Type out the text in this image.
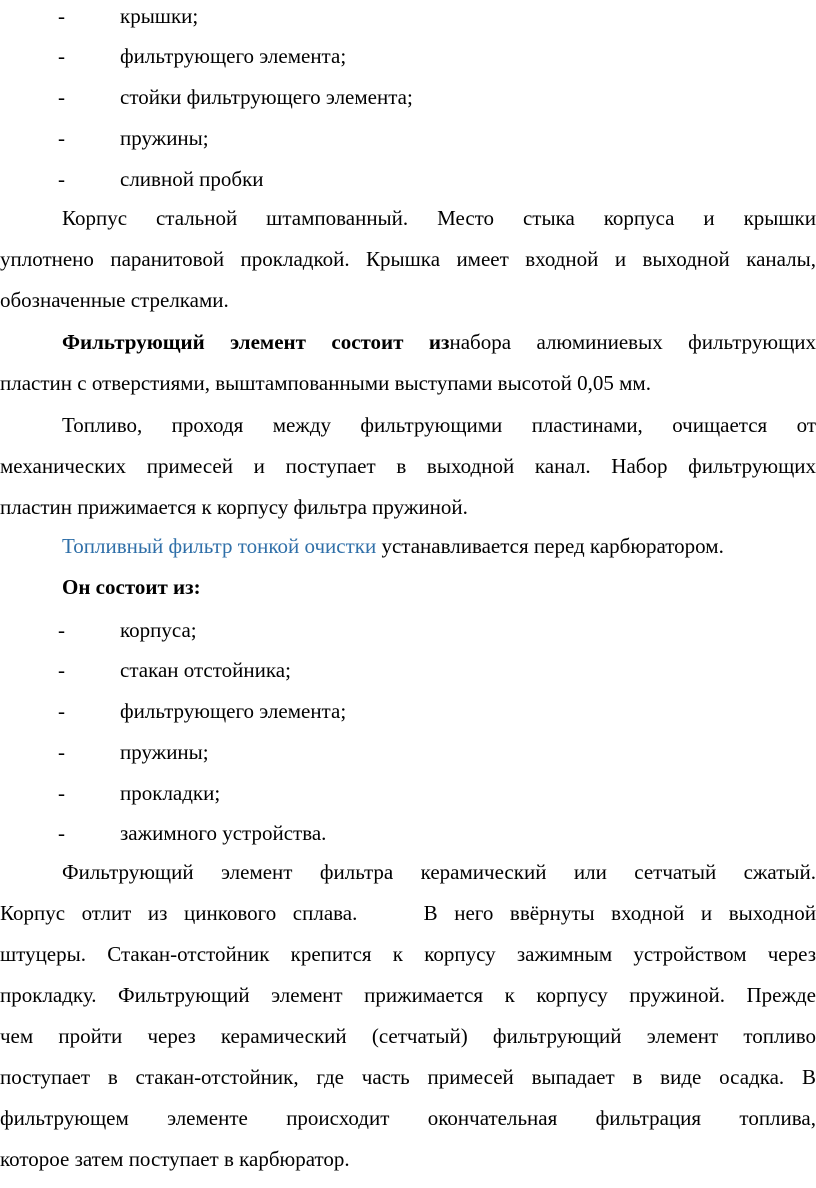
-	крышки;
-	фильтрующего элемента;
-	стойки фильтрующего элемента;
-	пружины;
-	сливной пробки
Корпус стальной штампованный. Место стыка корпуса и крышки
уплотнено паранитовой прокладкой. Крышка имеет входной и выходной каналы,
обозначенные стрелками.
Фильтрующий элемент состоит изнабора алюминиевых фильтрующих
пластин с отверстиями, выштампованными выступами высотой 0,05 мм.
Топливо, проходя между фильтрующими пластинами, очищается от
механических примесей и поступает в выходной канал. Набор фильтрующих
пластин прижимается к корпусу фильтра пружиной.
Топливный фильтр тонкой очистки устанавливается перед карбюратором.
Он состоит из:
-	корпуса;
-	стакан отстойника;
-	фильтрующего элемента;
-	пружины;
-	прокладки;
-	зажимного устройства.
Фильтрующий элемент фильтра керамический или сетчатый сжатый.
Корпус отлит из цинкового сплава.    В него ввёрнуты входной и выходной
штуцеры. Стакан-отстойник крепится к корпусу зажимным устройством через
прокладку. Фильтрующий элемент прижимается к корпусу пружиной. Прежде
чем пройти через керамический (сетчатый) фильтрующий элемент топливо
поступает в стакан-отстойник, где часть примесей выпадает в виде осадка. В
фильтрующем элементе происходит окончательная фильтрация топлива,
которое затем поступает в карбюратор.
